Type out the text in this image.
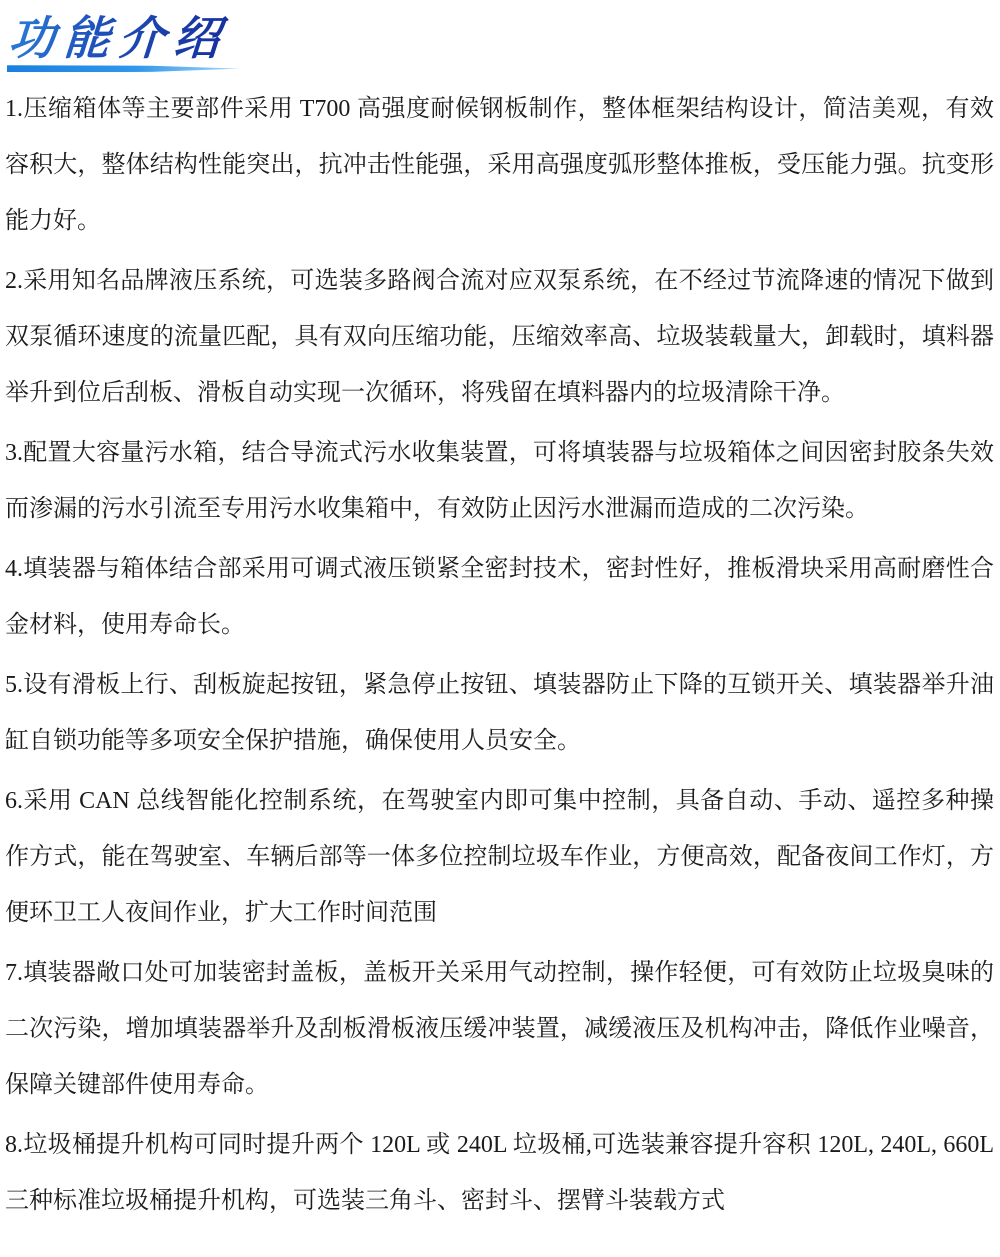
功能介绍

1.压缩箱体等主要部件采用 T700 高强度耐候钢板制作，整体框架结构设计，简洁美观，有效容积大，整体结构性能突出，抗冲击性能强，采用高强度弧形整体推板，受压能力强。抗变形能力好。

2.采用知名品牌液压系统，可选装多路阀合流对应双泵系统，在不经过节流降速的情况下做到双泵循环速度的流量匹配，具有双向压缩功能，压缩效率高、垃圾装载量大，卸载时，填料器举升到位后刮板、滑板自动实现一次循环，将残留在填料器内的垃圾清除干净。

3.配置大容量污水箱，结合导流式污水收集装置，可将填装器与垃圾箱体之间因密封胶条失效而渗漏的污水引流至专用污水收集箱中，有效防止因污水泄漏而造成的二次污染。

4.填装器与箱体结合部采用可调式液压锁紧全密封技术，密封性好，推板滑块采用高耐磨性合金材料，使用寿命长。

5.设有滑板上行、刮板旋起按钮，紧急停止按钮、填装器防止下降的互锁开关、填装器举升油缸自锁功能等多项安全保护措施，确保使用人员安全。

6.采用 CAN 总线智能化控制系统，在驾驶室内即可集中控制，具备自动、手动、遥控多种操作方式，能在驾驶室、车辆后部等一体多位控制垃圾车作业，方便高效，配备夜间工作灯，方便环卫工人夜间作业，扩大工作时间范围

7.填装器敞口处可加装密封盖板，盖板开关采用气动控制，操作轻便，可有效防止垃圾臭味的二次污染，增加填装器举升及刮板滑板液压缓冲装置，减缓液压及机构冲击，降低作业噪音，保障关键部件使用寿命。

8.垃圾桶提升机构可同时提升两个 120L 或 240L 垃圾桶,可选装兼容提升容积 120L, 240L, 660L 三种标准垃圾桶提升机构，可选装三角斗、密封斗、摆臂斗装载方式
